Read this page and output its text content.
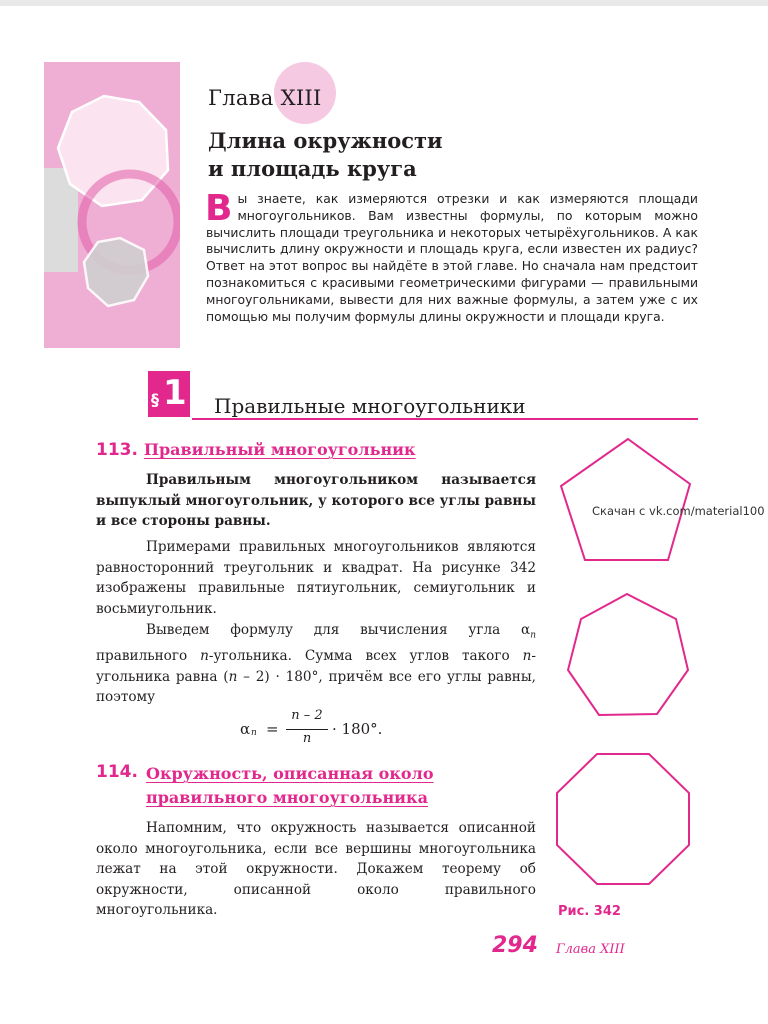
Глава XIII
Длина окружности
и площадь круга
Вы знаете, как измеряются отрезки и как измеряются площади многоугольников. Вам известны формулы, по которым можно вычислить площади треугольника и некоторых четырёхугольников. А как вычислить длину окружности и площадь круга, если известен их радиус? Ответ на этот вопрос вы найдёте в этой главе. Но сначала нам предстоит познакомиться с красивыми геометрическими фигурами — правильными многоугольниками, вывести для них важные формулы, а затем уже с их помощью мы получим формулы длины окружности и площади круга.
§ 1 Правильные многоугольники
113. Правильный многоугольник

Правильным многоугольником называется выпуклый многоугольник, у которого все углы равны и все стороны равны.

Примерами правильных многоугольников являются равносторонний треугольник и квадрат. На рисунке 342 изображены правильные пятиугольник, семиугольник и восьмиугольник.

Выведем формулу для вычисления угла $\alpha_n$ правильного n-угольника. Сумма всех углов такого n-угольника равна (n – 2) · 180°, причём все его углы равны, поэтому

α n =
n – 2
n
· 180°.
114. Окружность, описанная около
правильного многоугольника

Напомним, что окружность называется описанной около многоугольника, если все вершины многоугольника лежат на этой окружности. Докажем теорему об окружности, описанной около правильного многоугольника.

Скачан с vk.com/material100
Рис. 342
294 Глава XIII
